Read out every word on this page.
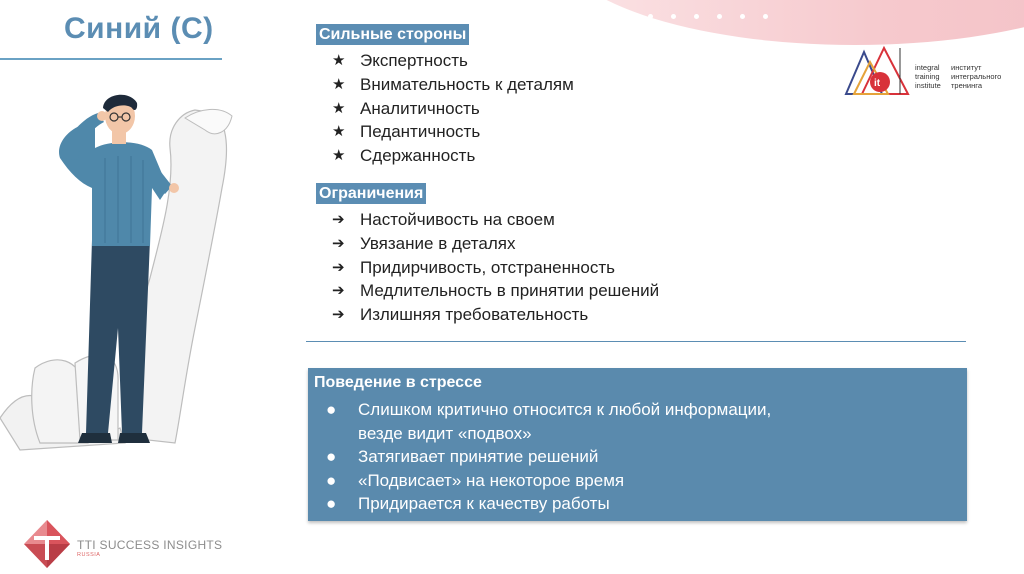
Синий (С)	Сильные стороны
★ Экспертность
★ Внимательность к деталям
★ Аналитичность
★ Педантичность
★ Сдержанность
Ограничения
➔ Настойчивость на своем
➔ Увязание в деталях
➔ Придирчивость, отстраненность
➔ Медлительность в принятии решений
➔ Излишняя требовательность
Поведение в стрессе
● Слишком критично относится к любой информации,
везде видит «подвох»
● Затягивает принятие решений
● «Подвисает» на некоторое время
● Придирается к качеству работы
it
integral
training
institute
институт
интегрального
тренинга
TTI SUCCESS INSIGHTS
RUSSIA
